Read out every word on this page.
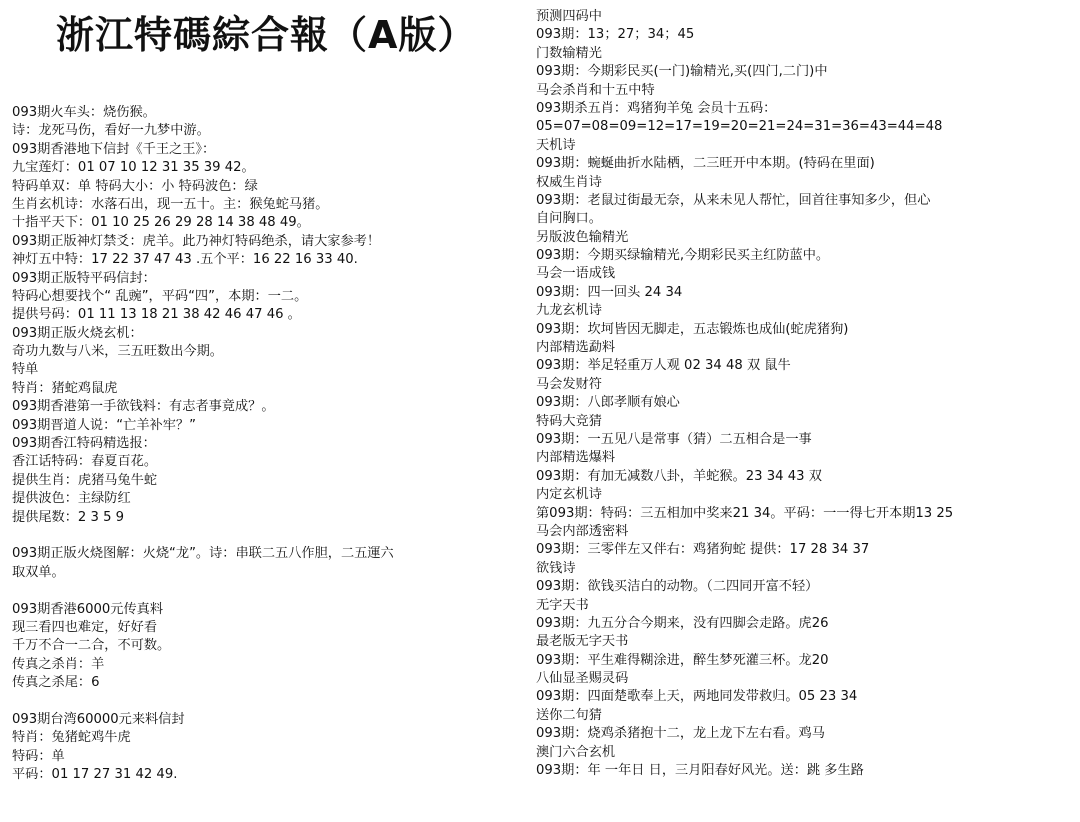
浙江特碼綜合報（A版）
093期火车头：烧伤猴。
诗：龙死马伤，看好一九梦中游。
093期香港地下信封《千王之王》：
九宝莲灯：01 07 10 12 31 35 39 42。
特码单双：单 特码大小：小 特码波色：绿
生肖玄机诗：水落石出，现一五十。主：猴兔蛇马猪。
十指平天下：01 10 25 26 29 28 14 38 48 49。
093期正版神灯禁爻：虎羊。此乃神灯特码绝杀，请大家参考！
神灯五中特：17 22 37 47 43 .五个平：16 22 16 33 40.
093期正版特平码信封：
特码心想要找个“ 乱豌”，平码“四”，本期：一二。
提供号码：01 11 13 18 21 38 42 46 47 46 。
093期正版火烧玄机：
奇功九数与八米，三五旺数出今期。
特单
特肖：猪蛇鸡鼠虎
093期香港第一手欲钱料：有志者事竟成？。
093期晋道人说：“亡羊补牢？”
093期香江特码精选报：
香江话特码：春夏百花。
提供生肖：虎猪马兔牛蛇
提供波色：主绿防红
提供尾数：2 3 5 9
093期正版火烧图解：火烧“龙”。诗：串联二五八作胆，二五運六
取双单。
093期香港6000元传真料
现三看四也难定，好好看
千万不合一二合，不可数。
传真之杀肖：羊
传真之杀尾：6
093期台湾60000元来料信封
特肖：兔猪蛇鸡牛虎
特码：单
平码：01 17 27 31 42 49.
预测四码中
093期：13；27；34；45
门数输精光
093期：今期彩民买(一门)输精光,买(四门,二门)中
马会杀肖和十五中特
093期杀五肖：鸡猪狗羊兔 会员十五码：
05=07=08=09=12=17=19=20=21=24=31=36=43=44=48
天机诗
093期：蜿蜒曲折水陆栖，二三旺开中本期。(特码在里面)
权威生肖诗
093期：老鼠过街最无奈，从来未见人帮忙，回首往事知多少，但心
自问胸口。
另版波色输精光
093期：今期买绿输精光,今期彩民买主红防蓝中。
马会一语成钱
093期：四一回头 24 34
九龙玄机诗
093期：坎坷皆因无脚走，五志锻炼也成仙(蛇虎猪狗)
内部精选勐料
093期：举足轻重万人观 02 34 48 双 鼠牛
马会发财符
093期：八郎孝顺有娘心
特码大竞猜
093期：一五见八是常事（猜）二五相合是一事
内部精选爆料
093期：有加无减数八卦，羊蛇猴。23 34 43 双
内定玄机诗
第093期：特码：三五相加中奖来21 34。平码：一一得七开本期13 25
马会内部透密料
093期：三零伴左又伴右：鸡猪狗蛇 提供：17 28 34 37
欲钱诗
093期：欲钱买洁白的动物。（二四同开富不轻）
无字天书
093期：九五分合今期来，没有四脚会走路。虎26
最老版无字天书
093期：平生难得糊涂进，醉生梦死灌三杯。龙20
八仙显圣赐灵码
093期：四面楚歌奉上天，两地同发带救归。05 23 34
送你二句猜
093期：烧鸡杀猪抱十二，龙上龙下左右看。鸡马
澳门六合玄机
093期：年 一年日 日，三月阳春好风光。送：跳 多生路
